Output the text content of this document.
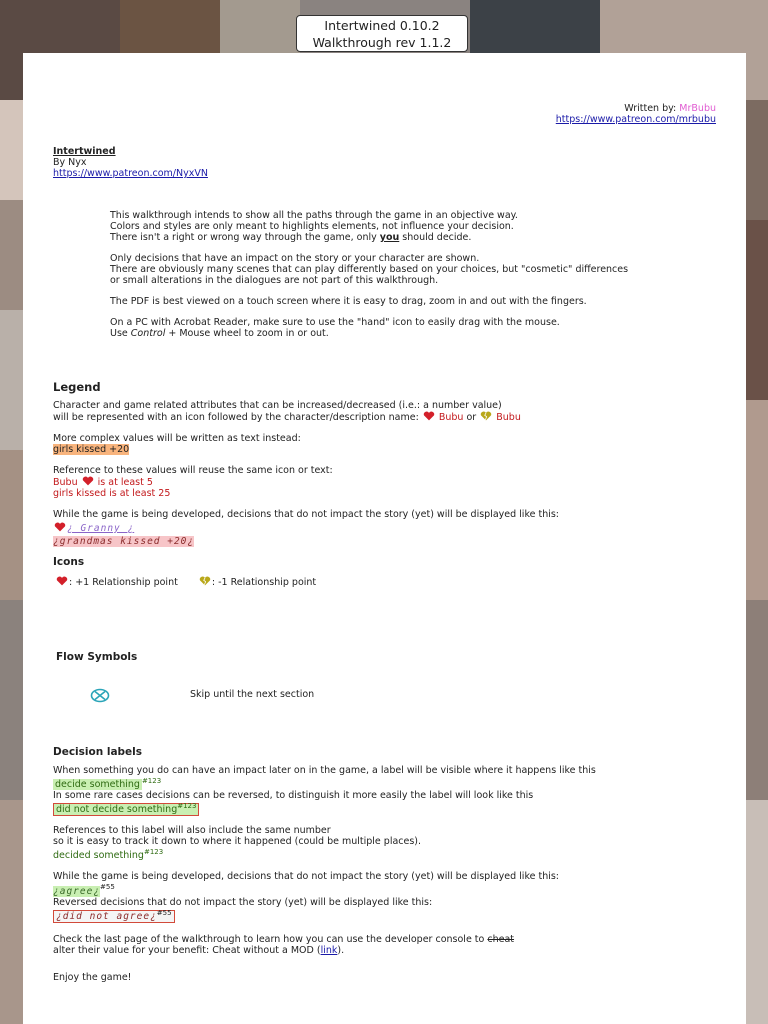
Intertwined 0.10.2
Walkthrough rev 1.1.2
Written by: MrBubu
https://www.patreon.com/mrbubu
Intertwined
By Nyx
https://www.patreon.com/NyxVN
This walkthrough intends to show all the paths through the game in an objective way.
Colors and styles are only meant to highlights elements, not influence your decision.
There isn't a right or wrong way through the game, only you should decide.
Only decisions that have an impact on the story or your character are shown.
There are obviously many scenes that can play differently based on your choices, but "cosmetic" differences
or small alterations in the dialogues are not part of this walkthrough.
The PDF is best viewed on a touch screen where it is easy to drag, zoom in and out with the fingers.
On a PC with Acrobat Reader, make sure to use the "hand" icon to easily drag with the mouse.
Use Control + Mouse wheel to zoom in or out.
Legend
Character and game related attributes that can be increased/decreased (i.e.: a number value)
will be represented with an icon followed by the character/description name: Bubu or Bubu
More complex values will be written as text instead:
girls kissed +20
Reference to these values will reuse the same icon or text:
Bubu is at least 5
girls kissed is at least 25
While the game is being developed, decisions that do not impact the story (yet) will be displayed like this:
¿ Granny ¿
¿grandmas kissed +20¿
Icons
: +1 Relationship point	: -1 Relationship point
Flow Symbols
Skip until the next section
Decision labels
When something you do can have an impact later on in the game, a label will be visible where it happens like this
decide something $^{\#123}$
In some rare cases decisions can be reversed, to distinguish it more easily the label will look like this
did not decide something$^{\#123}$
References to this label will also include the same number
so it is easy to track it down to where it happened (could be multiple places).
decided something$^{\#123}$
While the game is being developed, decisions that do not impact the story (yet) will be displayed like this:
¿agree¿$^{\#55}$
Reversed decisions that do not impact the story (yet) will be displayed like this:
¿did not agree¿$^{\#55}$
Check the last page of the walkthrough to learn how you can use the developer console to cheat
alter their value for your benefit: Cheat without a MOD (link).
Enjoy the game!
